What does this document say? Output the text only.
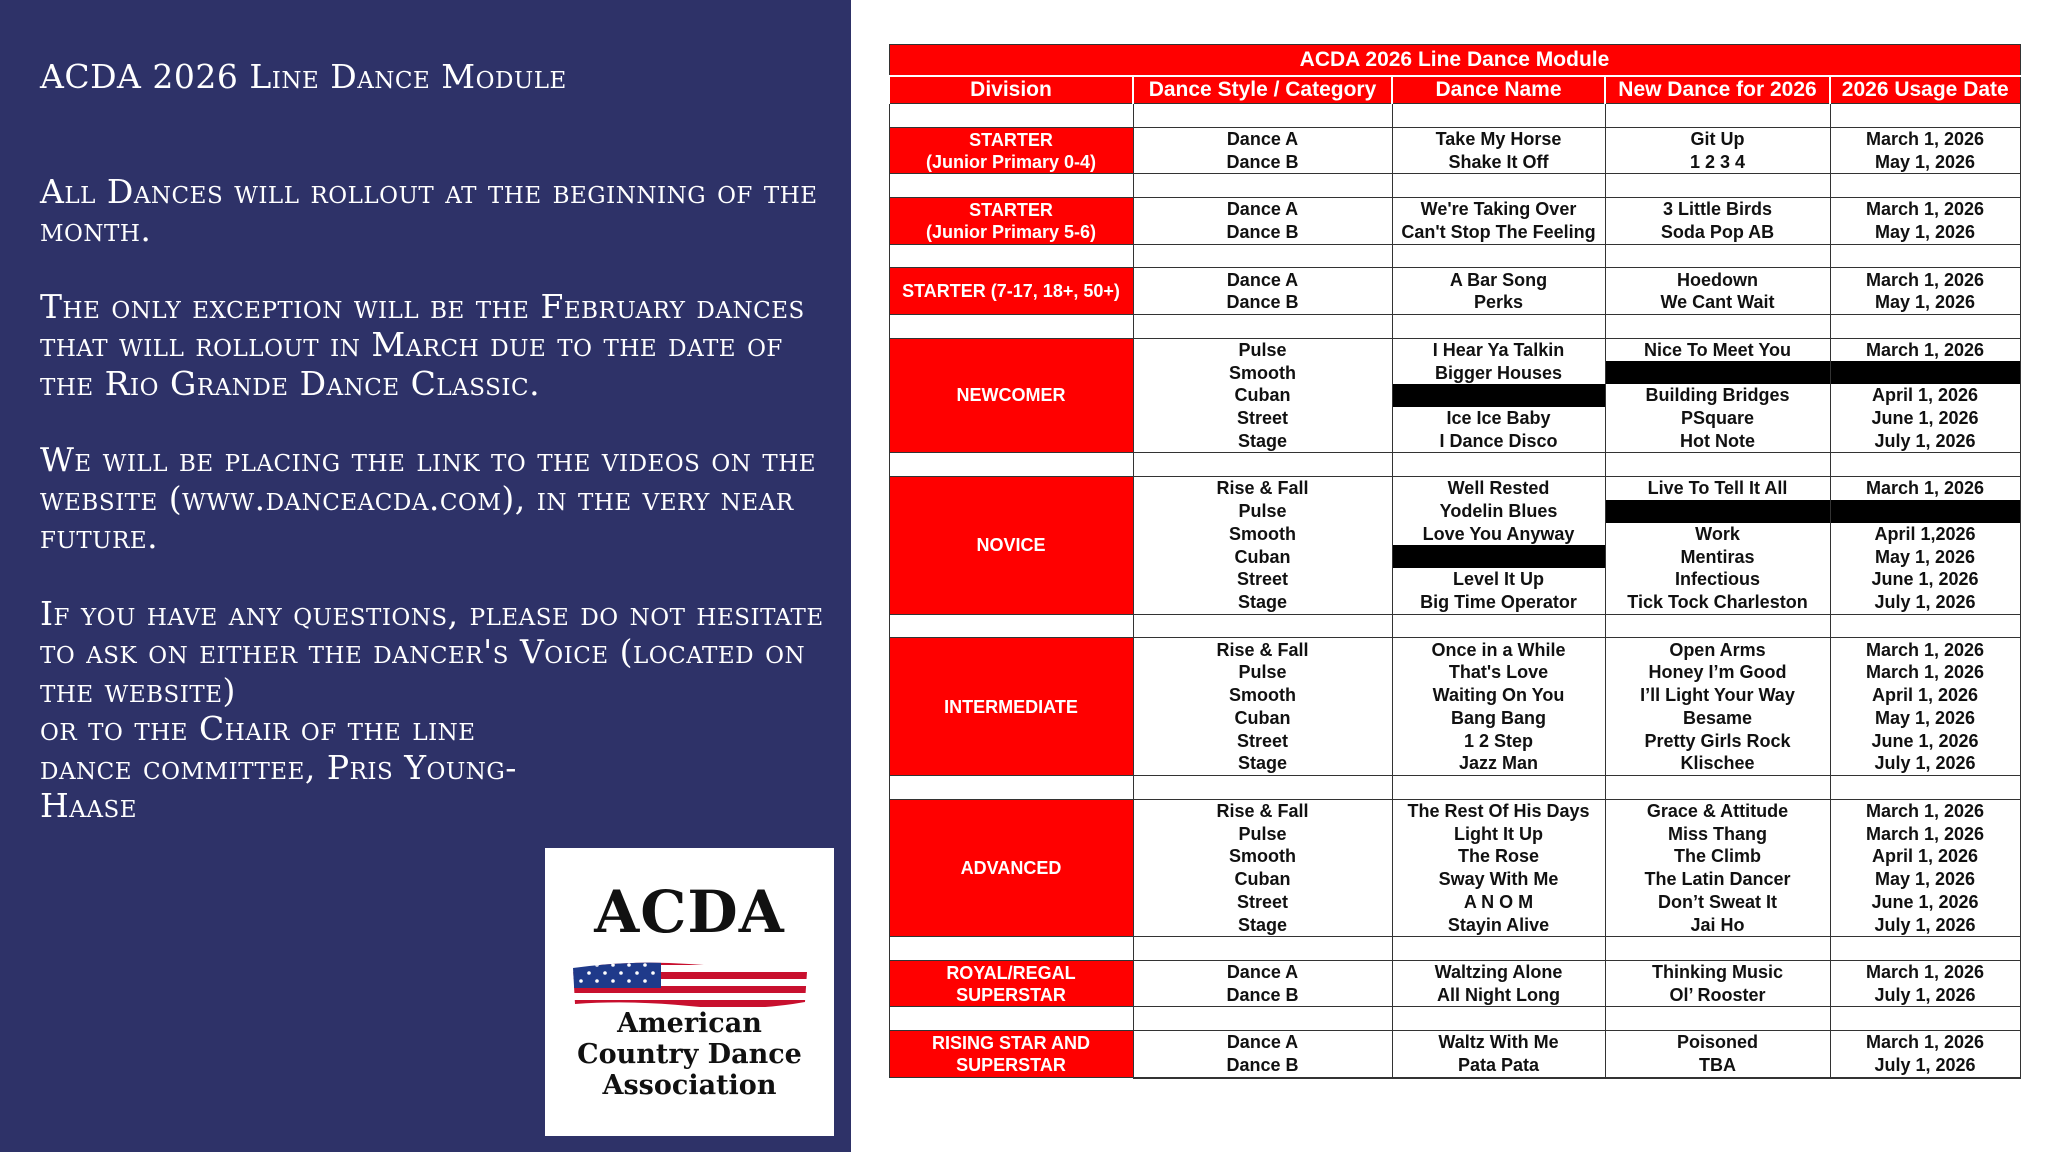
ACDA 2026 Line Dance Module

All Dances will rollout at the beginning of the month.

The only exception will be the February dances that will rollout in March due to the date of the Rio Grande Dance Classic.

We will be placing the link to the videos on the website (www.danceacda.com), in the very near future.

If you have any questions, please do not hesitate to ask on either the dancer's Voice (located on the website)

or to the Chair of the line dance committee, Pris Young-Haase

ACDA
American
Country Dance
Association
ACDA 2026 Line Dance Module				
Division	Dance Style / Category	Dance Name	New Dance for 2026	2026 Usage Date

STARTER
(Junior Primary 0-4)	Dance A	Take My Horse	Git Up	March 1, 2026
	Dance B	Shake It Off	1 2 3 4	May 1, 2026

STARTER
(Junior Primary 5-6)	Dance A	We're Taking Over	3 Little Birds	March 1, 2026
	Dance B	Can't Stop The Feeling	Soda Pop AB	May 1, 2026

STARTER (7-17, 18+, 50+)	Dance A	A Bar Song	Hoedown	March 1, 2026
	Dance B	Perks	We Cant Wait	May 1, 2026

NEWCOMER	Pulse	I Hear Ya Talkin	Nice To Meet You	March 1, 2026
	Smooth	Bigger Houses		
	Cuban		Building Bridges	April 1, 2026
	Street	Ice Ice Baby	PSquare	June 1, 2026
	Stage	I Dance Disco	Hot Note	July 1, 2026

NOVICE	Rise & Fall	Well Rested	Live To Tell It All	March 1, 2026
	Pulse	Yodelin Blues		
	Smooth	Love You Anyway	Work	April 1,2026
	Cuban		Mentiras	May 1, 2026
	Street	Level It Up	Infectious	June 1, 2026
	Stage	Big Time Operator	Tick Tock Charleston	July 1, 2026

INTERMEDIATE	Rise & Fall	Once in a While	Open Arms	March 1, 2026
	Pulse	That's Love	Honey I’m Good	March 1, 2026
	Smooth	Waiting On You	I’ll Light Your Way	April 1, 2026
	Cuban	Bang Bang	Besame	May 1, 2026
	Street	1 2 Step	Pretty Girls Rock	June 1, 2026
	Stage	Jazz Man	Klischee	July 1, 2026

ADVANCED	Rise & Fall	The Rest Of His Days	Grace & Attitude	March 1, 2026
	Pulse	Light It Up	Miss Thang	March 1, 2026
	Smooth	The Rose	The Climb	April 1, 2026
	Cuban	Sway With Me	The Latin Dancer	May 1, 2026
	Street	A N O M	Don’t Sweat It	June 1, 2026
	Stage	Stayin Alive	Jai Ho	July 1, 2026

ROYAL/REGAL
SUPERSTAR	Dance A	Waltzing Alone	Thinking Music	March 1, 2026
	Dance B	All Night Long	Ol’ Rooster	July 1, 2026

RISING STAR AND
SUPERSTAR	Dance A	Waltz With Me	Poisoned	March 1, 2026
	Dance B	Pata Pata	TBA	July 1, 2026
